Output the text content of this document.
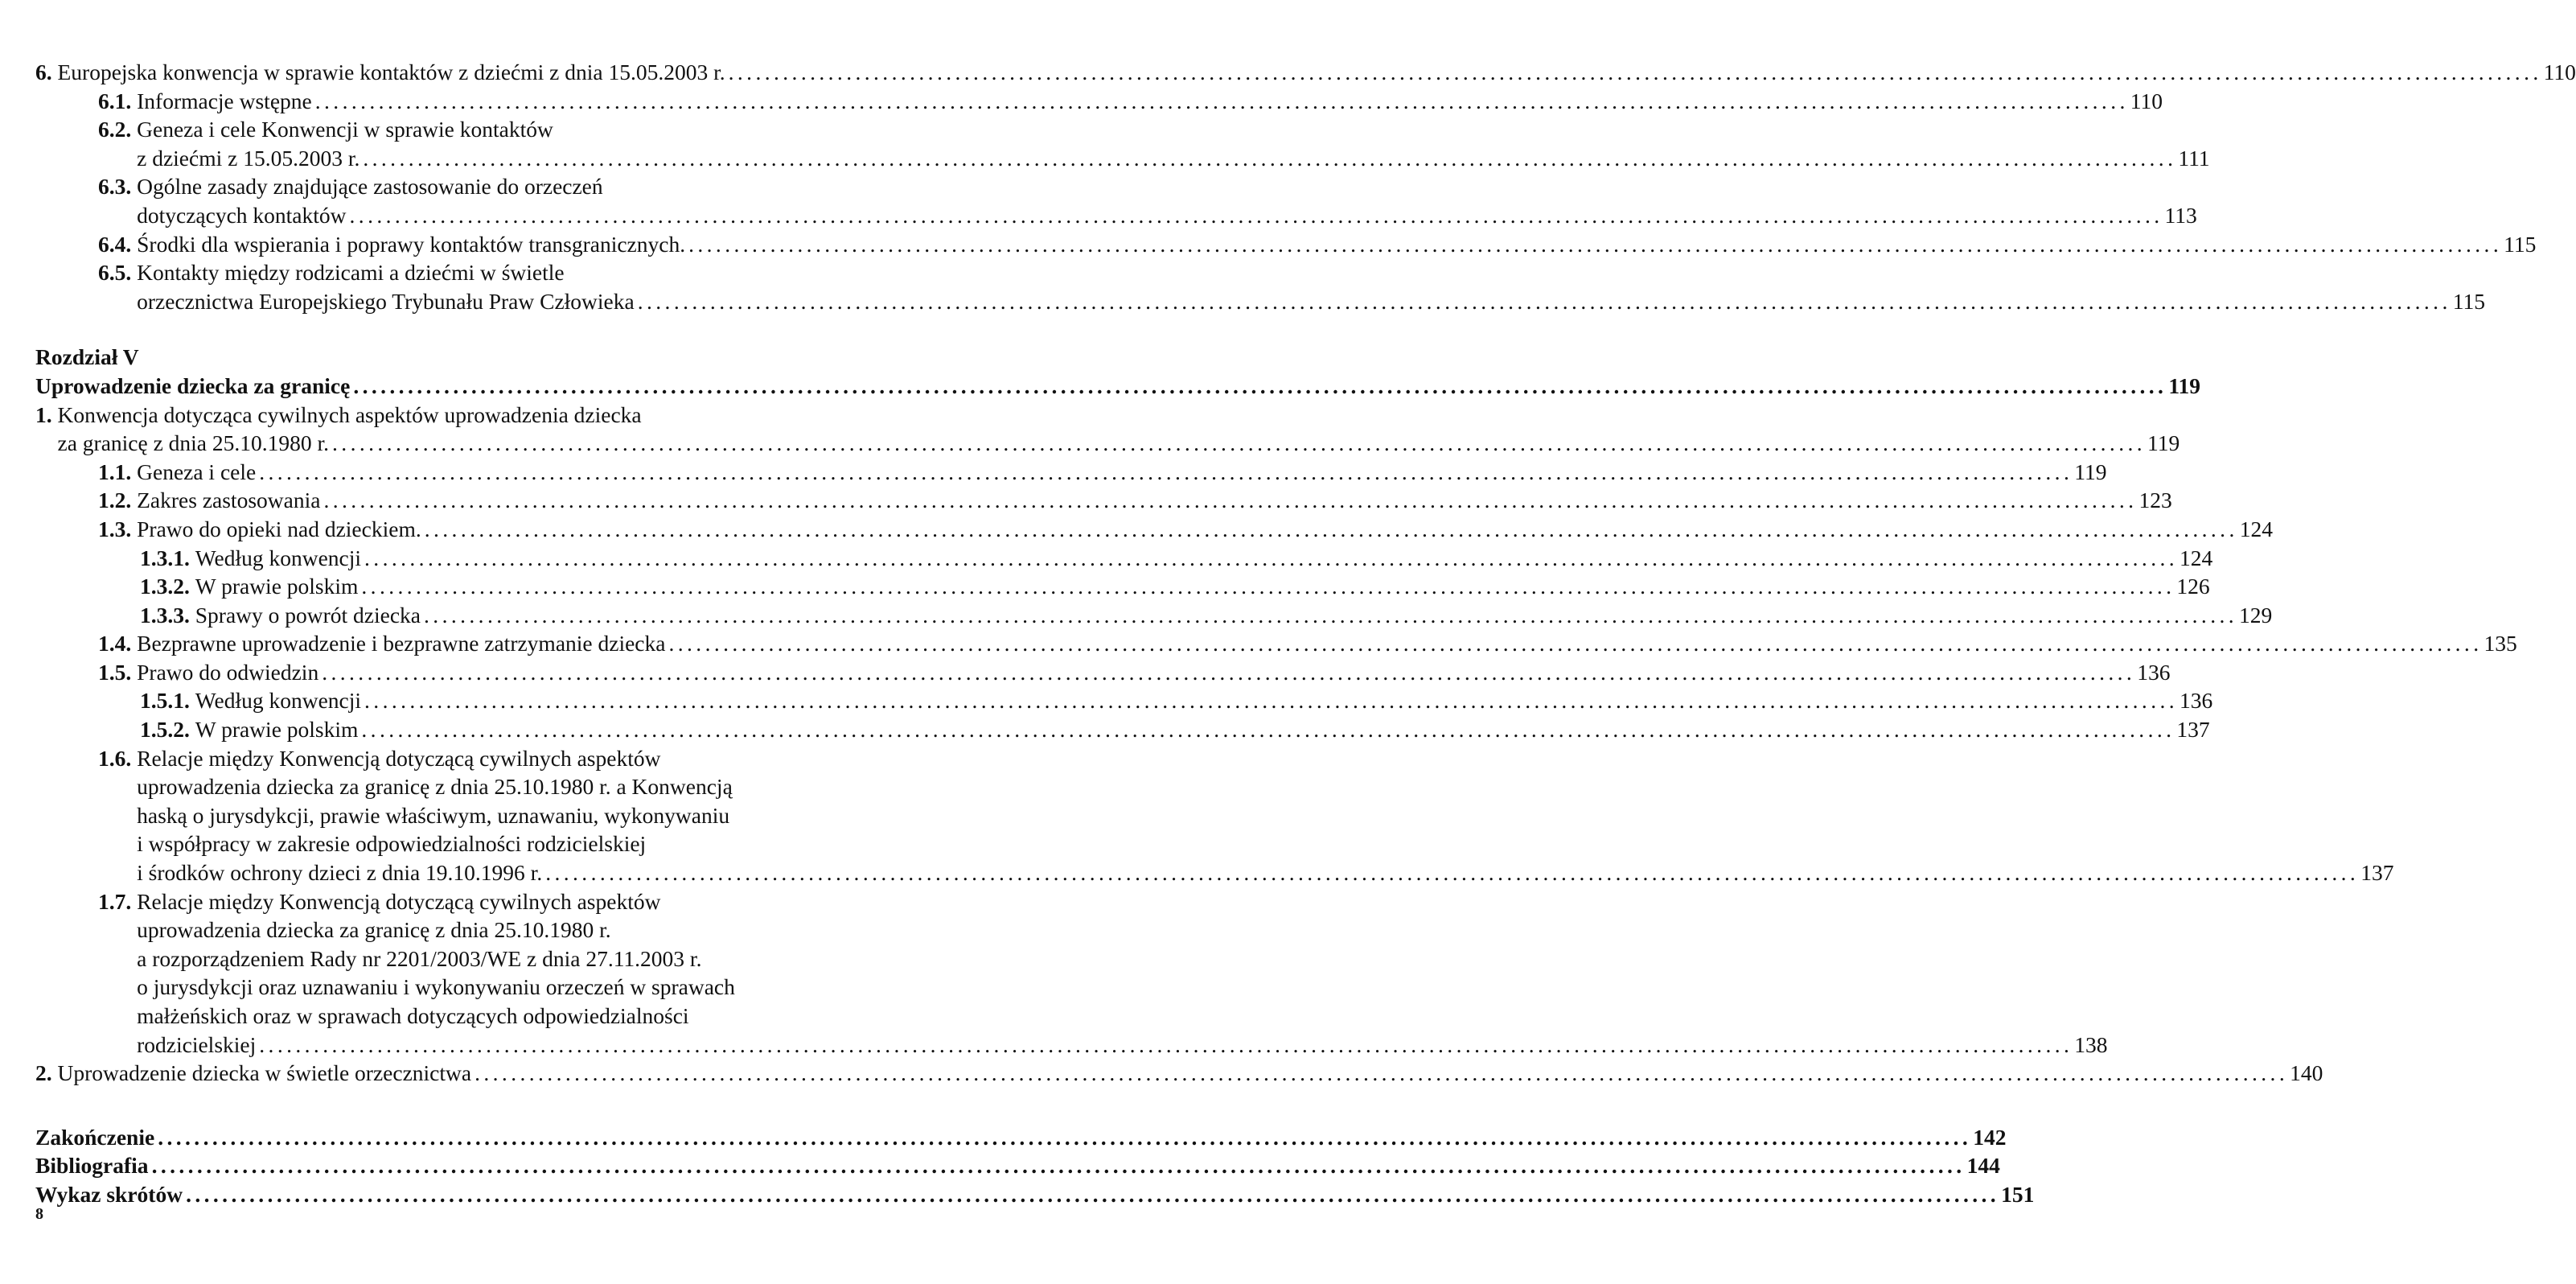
6.
Europejska konwencja w sprawie kontaktów z dziećmi z dnia 15.05.2003 r. ........................................................................................................................................................................................................ 110
6.1.
Informacje wstępne ........................................................................................................................................................................................................ 110
6.2.
Geneza i cele Konwencji w sprawie kontaktów
z dziećmi z 15.05.2003 r. ........................................................................................................................................................................................................ 111
6.3.
Ogólne zasady znajdujące zastosowanie do orzeczeń
dotyczących kontaktów ........................................................................................................................................................................................................ 113
6.4.
Środki dla wspierania i poprawy kontaktów transgranicznych. ........................................................................................................................................................................................................ 115
6.5.
Kontakty między rodzicami a dziećmi w świetle
orzecznictwa Europejskiego Trybunału Praw Człowieka ........................................................................................................................................................................................................ 115
Rozdział V
Uprowadzenie dziecka za granicę ........................................................................................................................................................................................................ 119
1.
Konwencja dotycząca cywilnych aspektów uprowadzenia dziecka
za granicę z dnia 25.10.1980 r. ........................................................................................................................................................................................................ 119
1.1.
Geneza i cele ........................................................................................................................................................................................................ 119
1.2.
Zakres zastosowania ........................................................................................................................................................................................................ 123
1.3.
Prawo do opieki nad dzieckiem. ........................................................................................................................................................................................................ 124
1.3.1.
Według konwencji ........................................................................................................................................................................................................ 124
1.3.2.
W prawie polskim ........................................................................................................................................................................................................ 126
1.3.3.
Sprawy o powrót dziecka ........................................................................................................................................................................................................ 129
1.4.
Bezprawne uprowadzenie i bezprawne zatrzymanie dziecka ........................................................................................................................................................................................................ 135
1.5.
Prawo do odwiedzin ........................................................................................................................................................................................................ 136
1.5.1.
Według konwencji ........................................................................................................................................................................................................ 136
1.5.2.
W prawie polskim ........................................................................................................................................................................................................ 137
1.6.
Relacje między Konwencją dotyczącą cywilnych aspektów
uprowadzenia dziecka za granicę z dnia 25.10.1980 r. a Konwencją
haską o jurysdykcji, prawie właściwym, uznawaniu, wykonywaniu
i współpracy w zakresie odpowiedzialności rodzicielskiej
i środków ochrony dzieci z dnia 19.10.1996 r. ........................................................................................................................................................................................................ 137
1.7.
Relacje między Konwencją dotyczącą cywilnych aspektów
uprowadzenia dziecka za granicę z dnia 25.10.1980 r.
a rozporządzeniem Rady nr 2201/2003/WE z dnia 27.11.2003 r.
o jurysdykcji oraz uznawaniu i wykonywaniu orzeczeń w sprawach
małżeńskich oraz w sprawach dotyczących odpowiedzialności
rodzicielskiej ........................................................................................................................................................................................................ 138
2.
Uprowadzenie dziecka w świetle orzecznictwa ........................................................................................................................................................................................................ 140
Zakończenie ........................................................................................................................................................................................................ 142
Bibliografia ........................................................................................................................................................................................................ 144
Wykaz skrótów ........................................................................................................................................................................................................ 151
8
